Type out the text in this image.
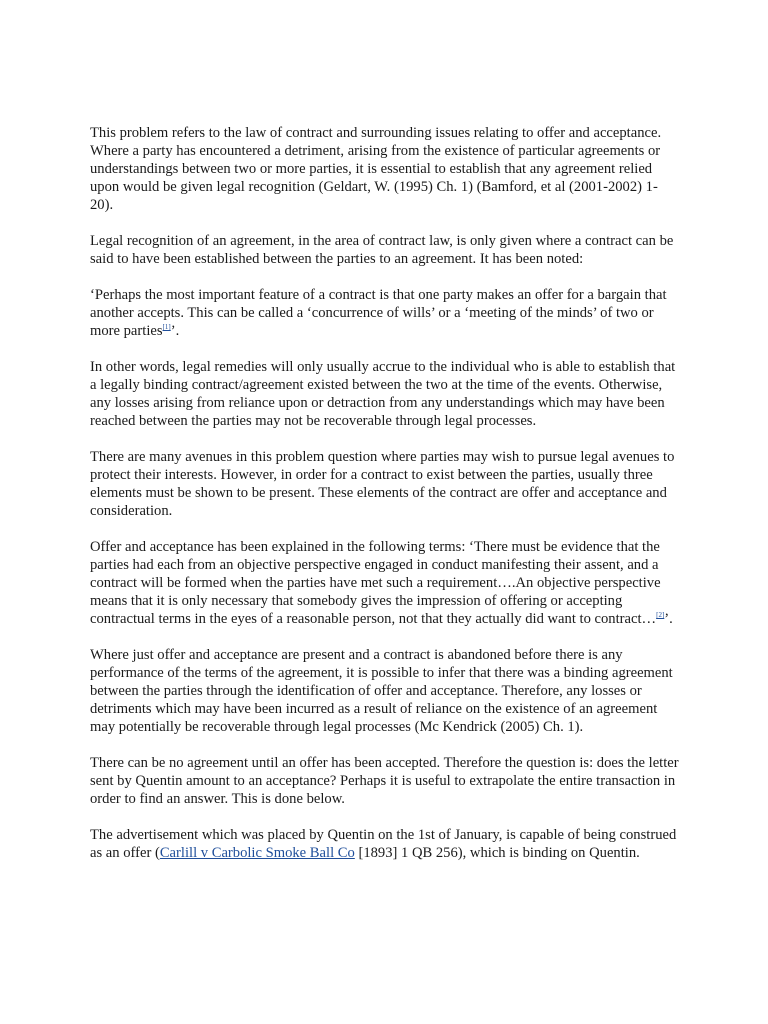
This problem refers to the law of contract and surrounding issues relating to offer and acceptance. Where a party has encountered a detriment, arising from the existence of particular agreements or understandings between two or more parties, it is essential to establish that any agreement relied upon would be given legal recognition (Geldart, W. (1995) Ch. 1) (Bamford, et al (2001-2002) 1-20).

Legal recognition of an agreement, in the area of contract law, is only given where a contract can be said to have been established between the parties to an agreement. It has been noted:

‘Perhaps the most important feature of a contract is that one party makes an offer for a bargain that another accepts. This can be called a ‘concurrence of wills’ or a ‘meeting of the minds’ of two or more parties[1]’.

In other words, legal remedies will only usually accrue to the individual who is able to establish that a legally binding contract/agreement existed between the two at the time of the events. Otherwise, any losses arising from reliance upon or detraction from any understandings which may have been reached between the parties may not be recoverable through legal processes.

There are many avenues in this problem question where parties may wish to pursue legal avenues to protect their interests. However, in order for a contract to exist between the parties, usually three elements must be shown to be present. These elements of the contract are offer and acceptance and consideration.

Offer and acceptance has been explained in the following terms: ‘There must be evidence that the parties had each from an objective perspective engaged in conduct manifesting their assent, and a contract will be formed when the parties have met such a requirement….An objective perspective means that it is only necessary that somebody gives the impression of offering or accepting contractual terms in the eyes of a reasonable person, not that they actually did want to contract…[2]’.

Where just offer and acceptance are present and a contract is abandoned before there is any performance of the terms of the agreement, it is possible to infer that there was a binding agreement between the parties through the identification of offer and acceptance. Therefore, any losses or detriments which may have been incurred as a result of reliance on the existence of an agreement may potentially be recoverable through legal processes (Mc Kendrick (2005) Ch. 1).

There can be no agreement until an offer has been accepted. Therefore the question is: does the letter sent by Quentin amount to an acceptance? Perhaps it is useful to extrapolate the entire transaction in order to find an answer. This is done below.

The advertisement which was placed by Quentin on the 1st of January, is capable of being construed as an offer (Carlill v Carbolic Smoke Ball Co [1893] 1 QB 256), which is binding on Quentin.
